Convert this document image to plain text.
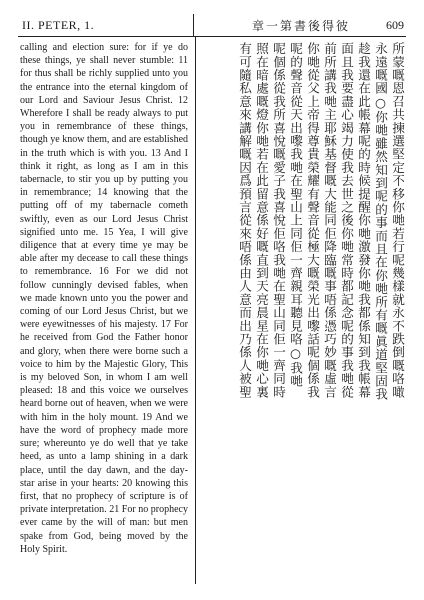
II. PETER, 1.	章一第書後得彼	609

calling and election sure: for if ye do these things, ye shall never stumble: 11 for thus shall be richly supplied unto you the entrance into the eternal kingdom of our Lord and Saviour Jesus Christ. 12 Wherefore I shall be ready always to put you in remembrance of these things, though ye know them, and are established in the truth which is with you. 13 And I think it right, as long as I am in this tabernacle, to stir you up by putting you in remembrance; 14 knowing that the putting off of my tabernacle cometh swiftly, even as our Lord Jesus Christ signified unto me. 15 Yea, I will give diligence that at every time ye may be able after my decease to call these things to remembrance. 16 For we did not follow cunningly devised fables, when we made known unto you the power and coming of our Lord Jesus Christ, but we were eyewitnesses of his majesty. 17 For he received from God the Father honor and glory, when there were borne such a voice to him by the Majestic Glory, This is my beloved Son, in whom I am well pleased: 18 and this voice we ourselves heard borne out of heaven, when we were with him in the holy mount. 19 And we have the word of prophecy made more sure; whereunto ye do well that ye take heed, as unto a lamp shining in a dark place, until the day dawn, and the day-star arise in your hearts: 20 knowing this first, that no prophecy of scripture is of private interpretation. 21 For no prophecy ever came by the will of man: but men spake from God, being moved by the Holy Spirit.

所蒙嘅恩召共揀選堅定不移你哋若行呢幾樣就永不跌倒嘅咯噉
永遠嘅國○你哋雖然知到呢的事而且在你哋所有嘅眞道堅固我
趁我還在此帳幕呢的時候提醒你哋激發你哋我都係知到我帳幕
面且我要盡心竭力使我去世之後你哋常時都記念呢的事我哋從
前所講我哋主耶穌基督嘅大能同佢降臨嘅事唔係憑巧妙嘅虛言
你哋從父上帝得尊貴榮耀有聲音從極大嘅榮光出嚟話呢個係我
呢的聲音從天出嚟我哋在聖山上同佢一齊親耳聽見咯○我哋
呢個係從我所喜悅嘅愛子我喜悅佢咯我哋在聖山同佢一齊同時
照在暗處嘅燈你哋若在此留意係好嘅直到天亮晨星在你哋心裏
有可隨私意來講解嘅因爲預言從來唔係由人意而出乃係人被聖
